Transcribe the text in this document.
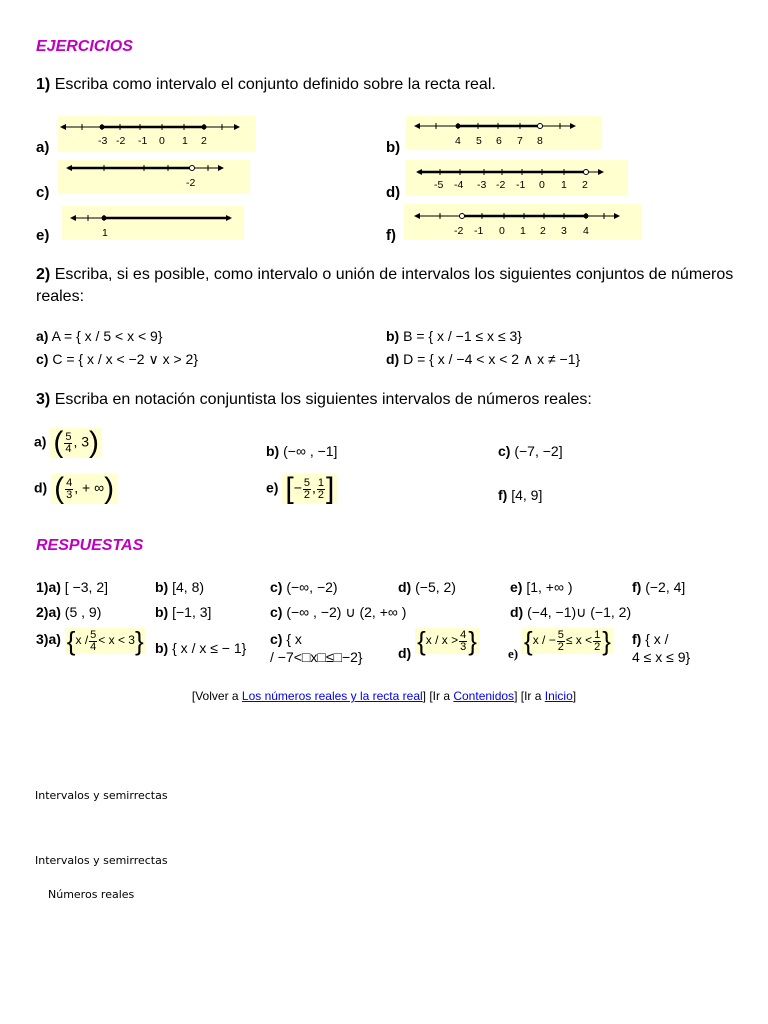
EJERCICIOS
1) Escriba como intervalo el conjunto definido sobre la recta real.
a)	-3 -2 -1 0 1 2	b)	4 5 6 7 8
c)
-2
d)	-5 -4 -3 -2 -1 0 1 2
e)	1	f)	-2 -1 0 1 2 3 4
2) Escriba, si es posible, como intervalo o unión de intervalos los siguientes conjuntos de números reales:
a) A = { x / 5 < x < 9}	b) B = { x / −1 ≤ x ≤ 3}
c) C = { x / x < −2 ∨ x > 2}	d) D = { x / −4 < x < 2 ∧ x ≠ −1}
3) Escriba en notación conjuntista los siguientes intervalos de números reales:
a) ( $\frac{5}{4}$ , 3)	b) (−∞ , −1]	c) (−7, −2]
d) ( $\frac{4}{3}$ , + ∞)	e) [− $\frac{5}{2}$ , $\frac{1}{2}$ ]	f) [4, 9]
RESPUESTAS
1)a) [ −3, 2]	b) [4, 8)	c) (−∞, −2)	d) (−5, 2)	e) [1, +∞ )	f) (−2, 4]
2)a) (5 , 9)	b) [−1, 3]	c) (−∞ , −2) ∪ (2, +∞ )	d) (−4, −1)∪ (−1, 2)
3)a) $\{x / \frac{5}{4} < x < 3\}$ b) { x / x ≤ − 1}
c) { x
/ −7<□x□≤□−2}	d) {$x / x > \frac{4}{3}$ } e) {x / − $\frac{5}{2} \le x < \frac{1}{2}$ } f) { x /
4 ≤ x ≤ 9}
[Volver a Los números reales y la recta real] [Ir a Contenidos] [Ir a Inicio]
Intervalos y semirrectas
Intervalos y semirrectas
Números reales
